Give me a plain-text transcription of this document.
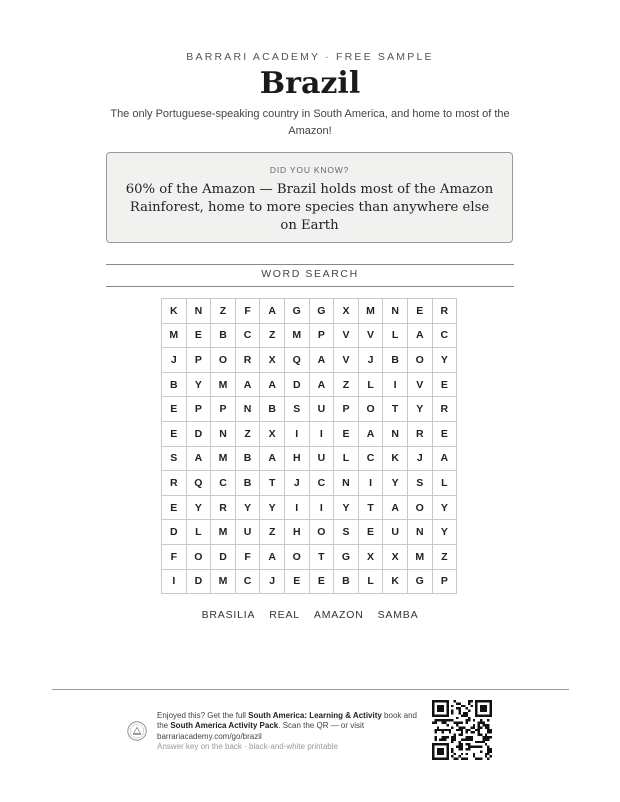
BARRARI ACADEMY · FREE SAMPLE
Brazil
The only Portuguese-speaking country in South America, and home to most of the Amazon!
DID YOU KNOW?
60% of the Amazon — Brazil holds most of the Amazon Rainforest, home to more species than anywhere else on Earth
WORD SEARCH
K	N	Z	F	A	G	G	X	M	N	E	R
M	E	B	C	Z	M	P	V	V	L	A	C
J	P	O	R	X	Q	A	V	J	B	O	Y
B	Y	M	A	A	D	A	Z	L	I	V	E
E	P	P	N	B	S	U	P	O	T	Y	R
E	D	N	Z	X	I	I	E	A	N	R	E
S	A	M	B	A	H	U	L	C	K	J	A
R	Q	C	B	T	J	C	N	I	Y	S	L
E	Y	R	Y	Y	I	I	Y	T	A	O	Y
D	L	M	U	Z	H	O	S	E	U	N	Y
F	O	D	F	A	O	T	G	X	X	M	Z
I	D	M	C	J	E	E	B	L	K	G	P
BRASILIA REAL AMAZON SAMBA
Enjoyed this? Get the full South America: Learning & Activity book and the South America Activity Pack. Scan the QR — or visit
barrariacademy.com/go/brazil
Answer key on the back · black-and-white printable
